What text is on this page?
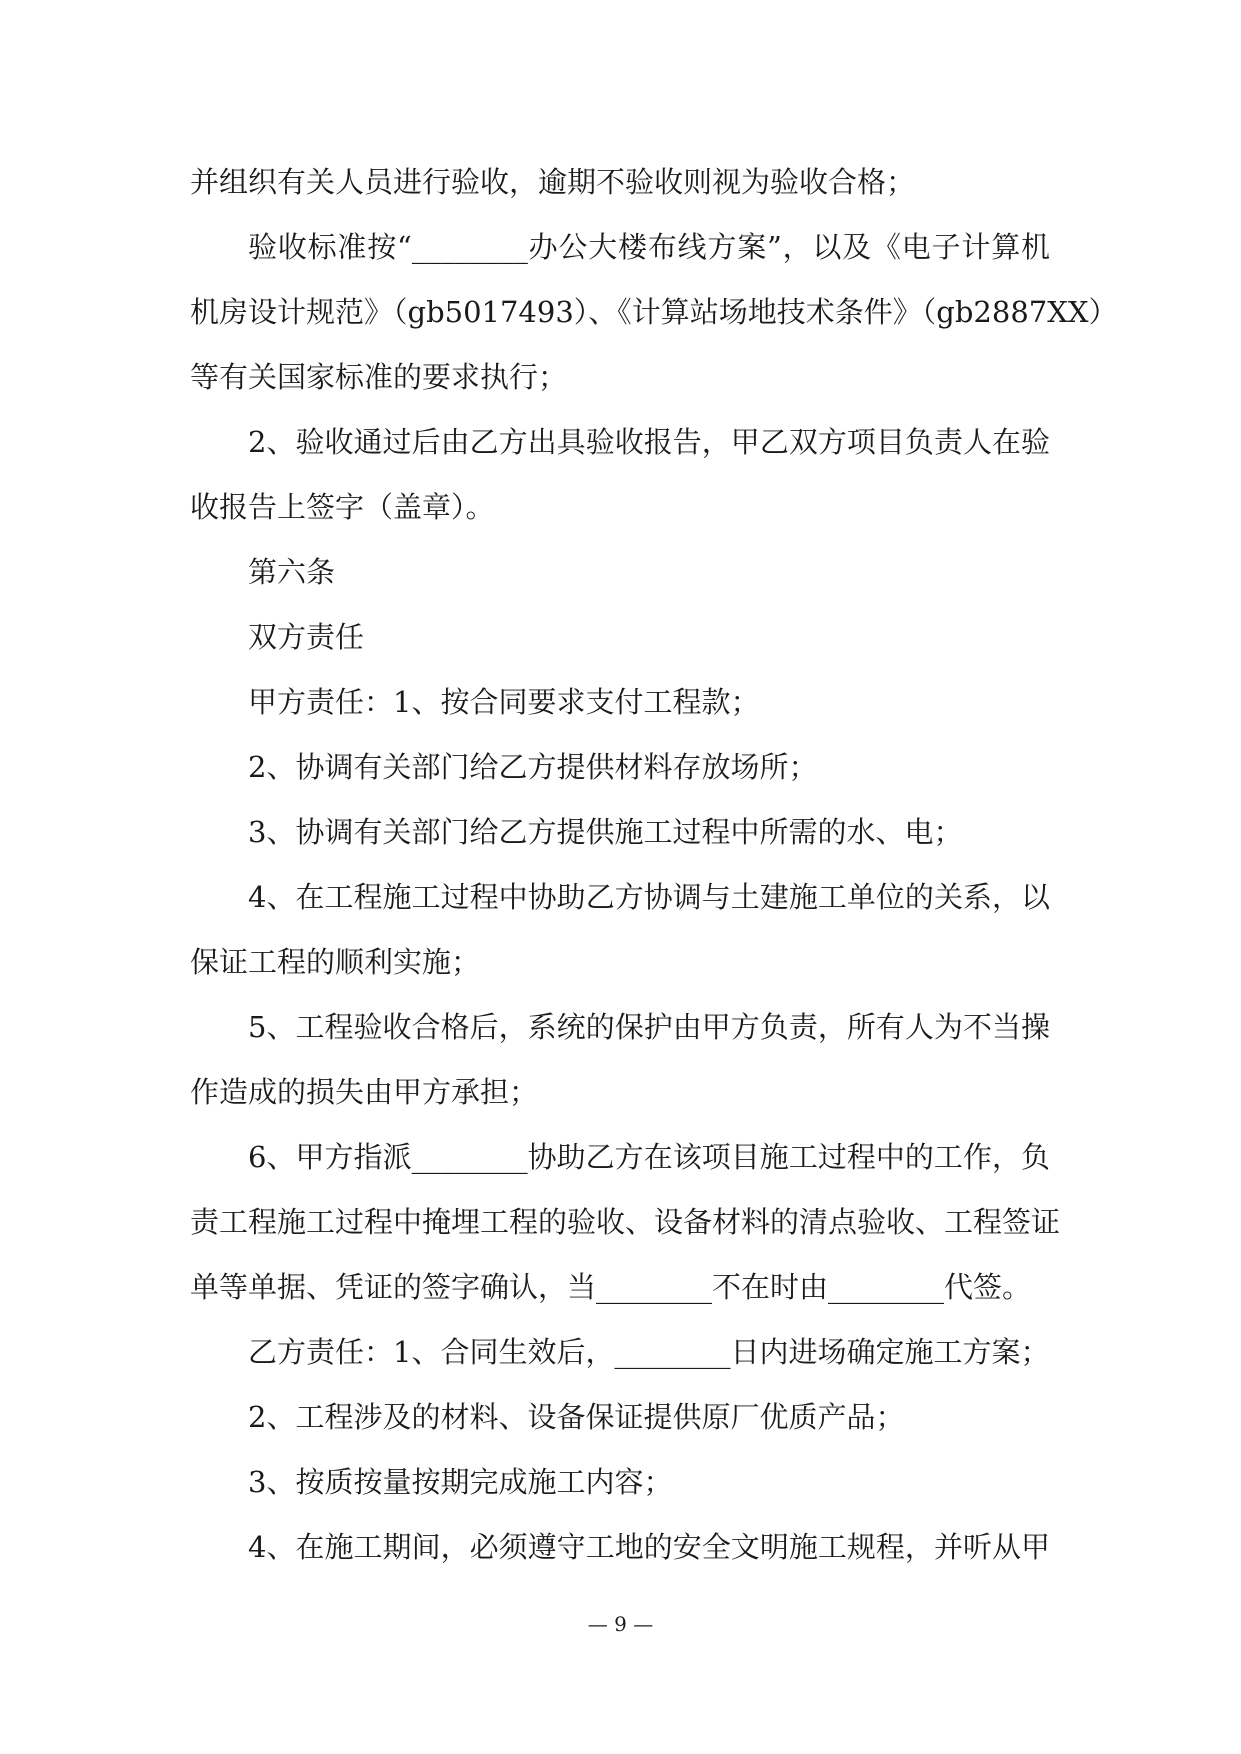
并组织有关人员进行验收，逾期不验收则视为验收合格；
验收标准按“________办公大楼布线方案”，以及《电子计算机
机房设计规范》（gb5017493）、《计算站场地技术条件》（gb2887XX）
等有关国家标准的要求执行；
2、验收通过后由乙方出具验收报告，甲乙双方项目负责人在验
收报告上签字（盖章）。
第六条
双方责任
甲方责任：1、按合同要求支付工程款；
2、协调有关部门给乙方提供材料存放场所；
3、协调有关部门给乙方提供施工过程中所需的水、电；
4、在工程施工过程中协助乙方协调与土建施工单位的关系，以
保证工程的顺利实施；
5、工程验收合格后，系统的保护由甲方负责，所有人为不当操
作造成的损失由甲方承担；
6、甲方指派________协助乙方在该项目施工过程中的工作，负
责工程施工过程中掩埋工程的验收、设备材料的清点验收、工程签证
单等单据、凭证的签字确认，当________不在时由________代签。
乙方责任：1、合同生效后，________日内进场确定施工方案；
2、工程涉及的材料、设备保证提供原厂优质产品；
3、按质按量按期完成施工内容；
4、在施工期间，必须遵守工地的安全文明施工规程，并听从甲
— 9 —
